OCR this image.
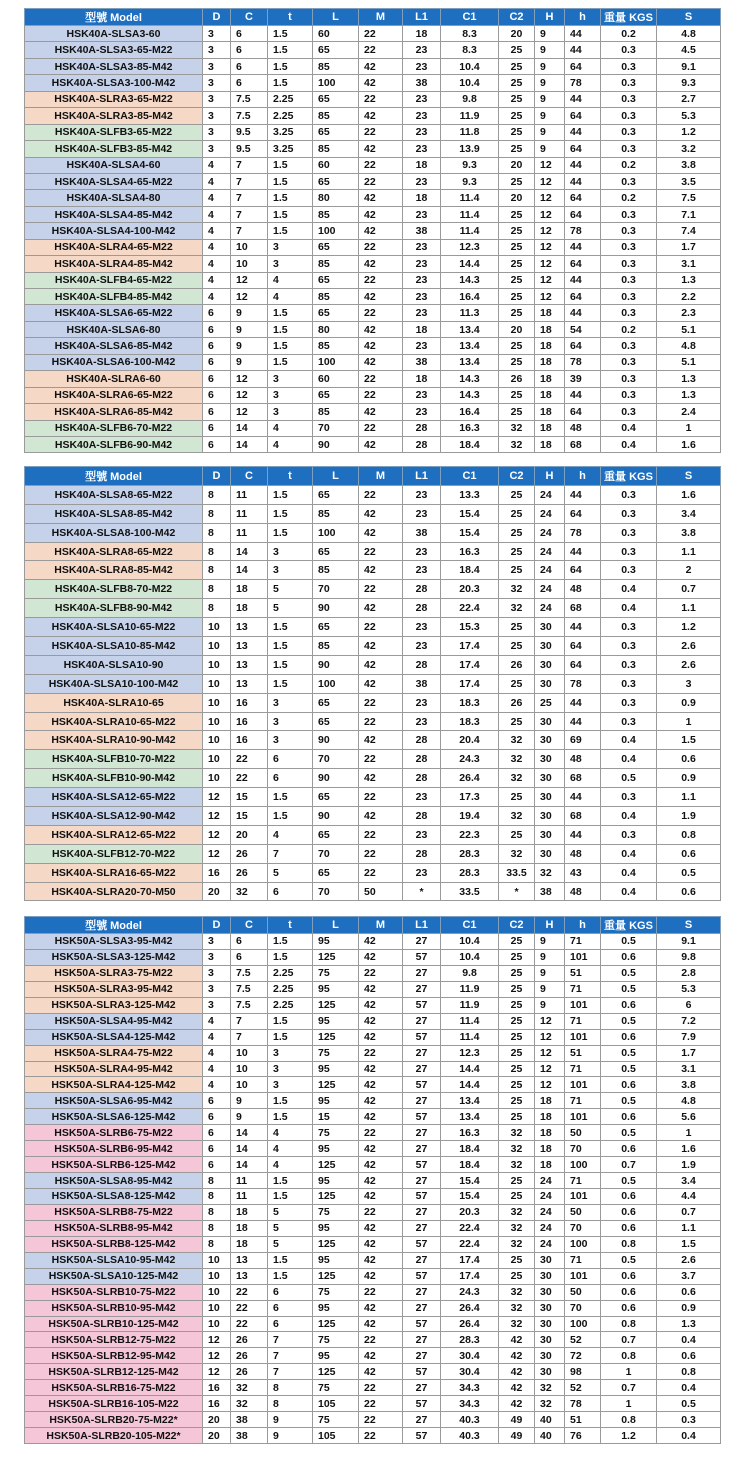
型號 Model	D	C	t	L	M	L1	C1	C2	H	h	重量 KGS	S
HSK40A-SLSA3-60	3	6	1.5	60	22	18	8.3	20	9	44	0.2	4.8
HSK40A-SLSA3-65-M22	3	6	1.5	65	22	23	8.3	25	9	44	0.3	4.5
HSK40A-SLSA3-85-M42	3	6	1.5	85	42	23	10.4	25	9	64	0.3	9.1
HSK40A-SLSA3-100-M42	3	6	1.5	100	42	38	10.4	25	9	78	0.3	9.3
HSK40A-SLRA3-65-M22	3	7.5	2.25	65	22	23	9.8	25	9	44	0.3	2.7
HSK40A-SLRA3-85-M42	3	7.5	2.25	85	42	23	11.9	25	9	64	0.3	5.3
HSK40A-SLFB3-65-M22	3	9.5	3.25	65	22	23	11.8	25	9	44	0.3	1.2
HSK40A-SLFB3-85-M42	3	9.5	3.25	85	42	23	13.9	25	9	64	0.3	3.2
HSK40A-SLSA4-60	4	7	1.5	60	22	18	9.3	20	12	44	0.2	3.8
HSK40A-SLSA4-65-M22	4	7	1.5	65	22	23	9.3	25	12	44	0.3	3.5
HSK40A-SLSA4-80	4	7	1.5	80	42	18	11.4	20	12	64	0.2	7.5
HSK40A-SLSA4-85-M42	4	7	1.5	85	42	23	11.4	25	12	64	0.3	7.1
HSK40A-SLSA4-100-M42	4	7	1.5	100	42	38	11.4	25	12	78	0.3	7.4
HSK40A-SLRA4-65-M22	4	10	3	65	22	23	12.3	25	12	44	0.3	1.7
HSK40A-SLRA4-85-M42	4	10	3	85	42	23	14.4	25	12	64	0.3	3.1
HSK40A-SLFB4-65-M22	4	12	4	65	22	23	14.3	25	12	44	0.3	1.3
HSK40A-SLFB4-85-M42	4	12	4	85	42	23	16.4	25	12	64	0.3	2.2
HSK40A-SLSA6-65-M22	6	9	1.5	65	22	23	11.3	25	18	44	0.3	2.3
HSK40A-SLSA6-80	6	9	1.5	80	42	18	13.4	20	18	54	0.2	5.1
HSK40A-SLSA6-85-M42	6	9	1.5	85	42	23	13.4	25	18	64	0.3	4.8
HSK40A-SLSA6-100-M42	6	9	1.5	100	42	38	13.4	25	18	78	0.3	5.1
HSK40A-SLRA6-60	6	12	3	60	22	18	14.3	26	18	39	0.3	1.3
HSK40A-SLRA6-65-M22	6	12	3	65	22	23	14.3	25	18	44	0.3	1.3
HSK40A-SLRA6-85-M42	6	12	3	85	42	23	16.4	25	18	64	0.3	2.4
HSK40A-SLFB6-70-M22	6	14	4	70	22	28	16.3	32	18	48	0.4	1
HSK40A-SLFB6-90-M42	6	14	4	90	42	28	18.4	32	18	68	0.4	1.6
型號 Model	D	C	t	L	M	L1	C1	C2	H	h	重量 KGS	S
HSK40A-SLSA8-65-M22	8	11	1.5	65	22	23	13.3	25	24	44	0.3	1.6
HSK40A-SLSA8-85-M42	8	11	1.5	85	42	23	15.4	25	24	64	0.3	3.4
HSK40A-SLSA8-100-M42	8	11	1.5	100	42	38	15.4	25	24	78	0.3	3.8
HSK40A-SLRA8-65-M22	8	14	3	65	22	23	16.3	25	24	44	0.3	1.1
HSK40A-SLRA8-85-M42	8	14	3	85	42	23	18.4	25	24	64	0.3	2
HSK40A-SLFB8-70-M22	8	18	5	70	22	28	20.3	32	24	48	0.4	0.7
HSK40A-SLFB8-90-M42	8	18	5	90	42	28	22.4	32	24	68	0.4	1.1
HSK40A-SLSA10-65-M22	10	13	1.5	65	22	23	15.3	25	30	44	0.3	1.2
HSK40A-SLSA10-85-M42	10	13	1.5	85	42	23	17.4	25	30	64	0.3	2.6
HSK40A-SLSA10-90	10	13	1.5	90	42	28	17.4	26	30	64	0.3	2.6
HSK40A-SLSA10-100-M42	10	13	1.5	100	42	38	17.4	25	30	78	0.3	3
HSK40A-SLRA10-65	10	16	3	65	22	23	18.3	26	25	44	0.3	0.9
HSK40A-SLRA10-65-M22	10	16	3	65	22	23	18.3	25	30	44	0.3	1
HSK40A-SLRA10-90-M42	10	16	3	90	42	28	20.4	32	30	69	0.4	1.5
HSK40A-SLFB10-70-M22	10	22	6	70	22	28	24.3	32	30	48	0.4	0.6
HSK40A-SLFB10-90-M42	10	22	6	90	42	28	26.4	32	30	68	0.5	0.9
HSK40A-SLSA12-65-M22	12	15	1.5	65	22	23	17.3	25	30	44	0.3	1.1
HSK40A-SLSA12-90-M42	12	15	1.5	90	42	28	19.4	32	30	68	0.4	1.9
HSK40A-SLRA12-65-M22	12	20	4	65	22	23	22.3	25	30	44	0.3	0.8
HSK40A-SLFB12-70-M22	12	26	7	70	22	28	28.3	32	30	48	0.4	0.6
HSK40A-SLRA16-65-M22	16	26	5	65	22	23	28.3	33.5	32	43	0.4	0.5
HSK40A-SLRA20-70-M50	20	32	6	70	50	*	33.5	*	38	48	0.4	0.6
型號 Model	D	C	t	L	M	L1	C1	C2	H	h	重量 KGS	S
HSK50A-SLSA3-95-M42	3	6	1.5	95	42	27	10.4	25	9	71	0.5	9.1
HSK50A-SLSA3-125-M42	3	6	1.5	125	42	57	10.4	25	9	101	0.6	9.8
HSK50A-SLRA3-75-M22	3	7.5	2.25	75	22	27	9.8	25	9	51	0.5	2.8
HSK50A-SLRA3-95-M42	3	7.5	2.25	95	42	27	11.9	25	9	71	0.5	5.3
HSK50A-SLRA3-125-M42	3	7.5	2.25	125	42	57	11.9	25	9	101	0.6	6
HSK50A-SLSA4-95-M42	4	7	1.5	95	42	27	11.4	25	12	71	0.5	7.2
HSK50A-SLSA4-125-M42	4	7	1.5	125	42	57	11.4	25	12	101	0.6	7.9
HSK50A-SLRA4-75-M22	4	10	3	75	22	27	12.3	25	12	51	0.5	1.7
HSK50A-SLRA4-95-M42	4	10	3	95	42	27	14.4	25	12	71	0.5	3.1
HSK50A-SLRA4-125-M42	4	10	3	125	42	57	14.4	25	12	101	0.6	3.8
HSK50A-SLSA6-95-M42	6	9	1.5	95	42	27	13.4	25	18	71	0.5	4.8
HSK50A-SLSA6-125-M42	6	9	1.5	15	42	57	13.4	25	18	101	0.6	5.6
HSK50A-SLRB6-75-M22	6	14	4	75	22	27	16.3	32	18	50	0.5	1
HSK50A-SLRB6-95-M42	6	14	4	95	42	27	18.4	32	18	70	0.6	1.6
HSK50A-SLRB6-125-M42	6	14	4	125	42	57	18.4	32	18	100	0.7	1.9
HSK50A-SLSA8-95-M42	8	11	1.5	95	42	27	15.4	25	24	71	0.5	3.4
HSK50A-SLSA8-125-M42	8	11	1.5	125	42	57	15.4	25	24	101	0.6	4.4
HSK50A-SLRB8-75-M22	8	18	5	75	22	27	20.3	32	24	50	0.6	0.7
HSK50A-SLRB8-95-M42	8	18	5	95	42	27	22.4	32	24	70	0.6	1.1
HSK50A-SLRB8-125-M42	8	18	5	125	42	57	22.4	32	24	100	0.8	1.5
HSK50A-SLSA10-95-M42	10	13	1.5	95	42	27	17.4	25	30	71	0.5	2.6
HSK50A-SLSA10-125-M42	10	13	1.5	125	42	57	17.4	25	30	101	0.6	3.7
HSK50A-SLRB10-75-M22	10	22	6	75	22	27	24.3	32	30	50	0.6	0.6
HSK50A-SLRB10-95-M42	10	22	6	95	42	27	26.4	32	30	70	0.6	0.9
HSK50A-SLRB10-125-M42	10	22	6	125	42	57	26.4	32	30	100	0.8	1.3
HSK50A-SLRB12-75-M22	12	26	7	75	22	27	28.3	42	30	52	0.7	0.4
HSK50A-SLRB12-95-M42	12	26	7	95	42	27	30.4	42	30	72	0.8	0.6
HSK50A-SLRB12-125-M42	12	26	7	125	42	57	30.4	42	30	98	1	0.8
HSK50A-SLRB16-75-M22	16	32	8	75	22	27	34.3	42	32	52	0.7	0.4
HSK50A-SLRB16-105-M22	16	32	8	105	22	57	34.3	42	32	78	1	0.5
HSK50A-SLRB20-75-M22*	20	38	9	75	22	27	40.3	49	40	51	0.8	0.3
HSK50A-SLRB20-105-M22*	20	38	9	105	22	57	40.3	49	40	76	1.2	0.4
